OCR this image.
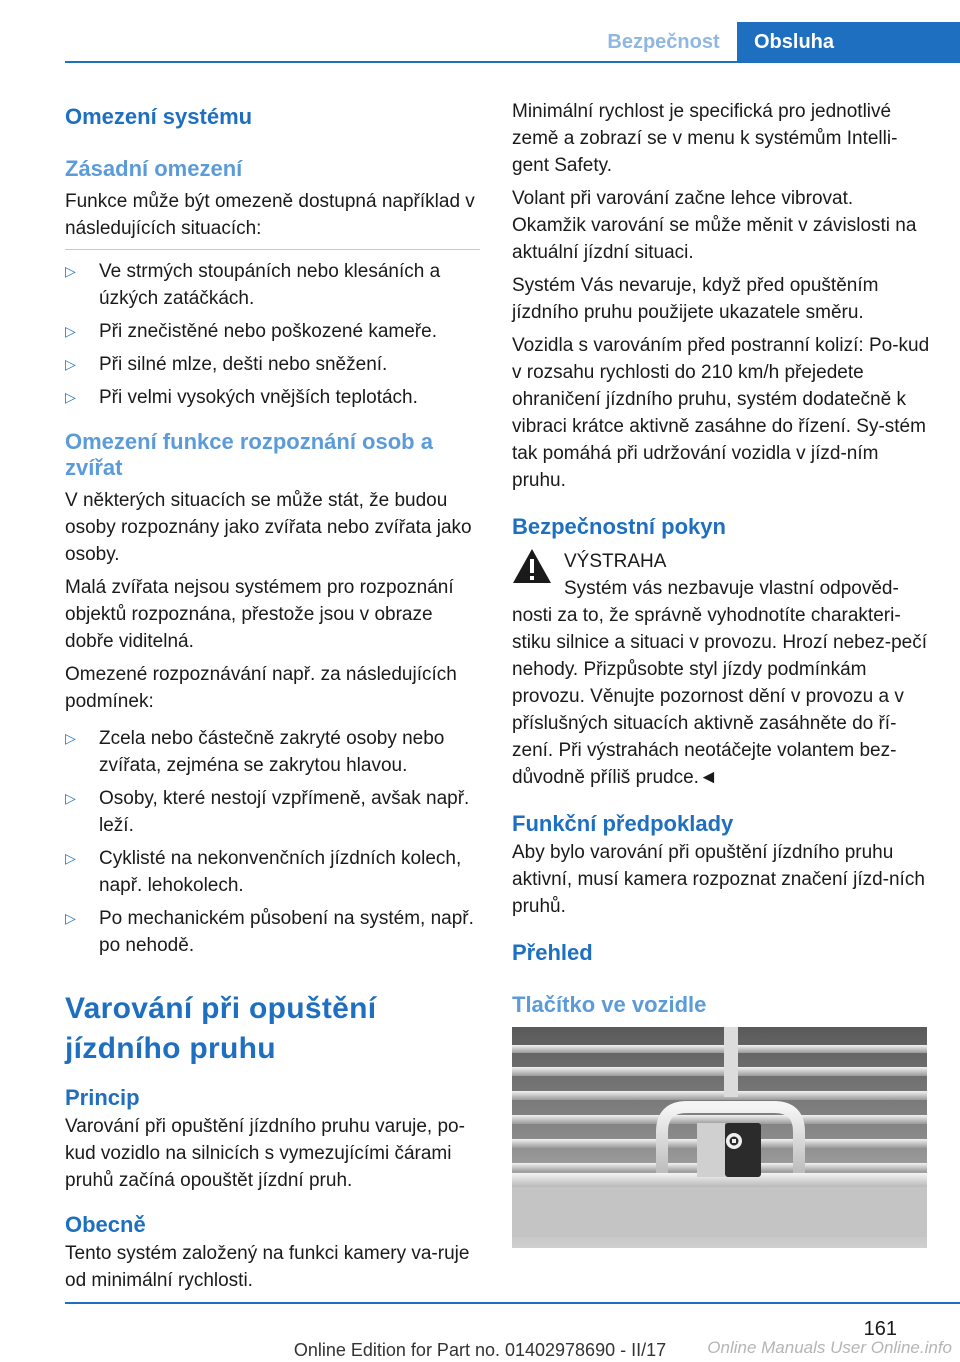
Bezpečnost	Obsluha
Omezení systému
Zásadní omezení

Funkce může být omezeně dostupná například v následujících situacích:

▷ Ve strmých stoupáních nebo klesáních a úzkých zatáčkách.
▷ Při znečistěné nebo poškozené kameře.
▷ Při silné mlze, dešti nebo sněžení.
▷ Při velmi vysokých vnějších teplotách.
Omezení funkce rozpoznání osob a zvířat

V některých situacích se může stát, že budou osoby rozpoznány jako zvířata nebo zvířata jako osoby.

Malá zvířata nejsou systémem pro rozpoznání objektů rozpoznána, přestože jsou v obraze dobře viditelná.

Omezené rozpoznávání např. za následujících podmínek:

▷ Zcela nebo částečně zakryté osoby nebo zvířata, zejména se zakrytou hlavou.
▷ Osoby, které nestojí vzpřímeně, avšak např. leží.
▷ Cyklisté na nekonvenčních jízdních kolech, např. lehokolech.
▷ Po mechanickém působení na systém, např. po nehodě.
Varování při opuštění jízdního pruhu
Princip

Varování při opuštění jízdního pruhu varuje, po-kud vozidlo na silnicích s vymezujícími čárami pruhů začíná opouštět jízdní pruh.

Obecně

Tento systém založený na funkci kamery va-ruje od minimální rychlosti.

Minimální rychlost je specifická pro jednotlivé země a zobrazí se v menu k systémům Intelli-gent Safety.

Volant při varování začne lehce vibrovat. Okamžik varování se může měnit v závislosti na aktuální jízdní situaci.

Systém Vás nevaruje, když před opuštěním jízdního pruhu použijete ukazatele směru.

Vozidla s varováním před postranní kolizí: Po-kud v rozsahu rychlosti do 210 km/h přejedete ohraničení jízdního pruhu, systém dodatečně k vibraci krátce aktivně zasáhne do řízení. Sy-stém tak pomáhá při udržování vozidla v jízd-ním pruhu.

Bezpečnostní pokyn

VÝSTRAHA

Systém vás nezbavuje vlastní odpověd-

nosti za to, že správně vyhodnotíte charakteri-stiku silnice a situaci v provozu. Hrozí nebez-pečí nehody. Přizpůsobte styl jízdy podmínkám provozu. Věnujte pozornost dění v provozu a v příslušných situacích aktivně zasáhněte do ří-zení. Při výstrahách neotáčejte volantem bez-důvodně příliš prudce.◄

Funkční předpoklady

Aby bylo varování při opuštění jízdního pruhu aktivní, musí kamera rozpoznat značení jízd-ních pruhů.

Přehled
Tlačítko ve vozidle
161
Online Edition for Part no. 01402978690 - II/17	Online Manuals User Online.info
